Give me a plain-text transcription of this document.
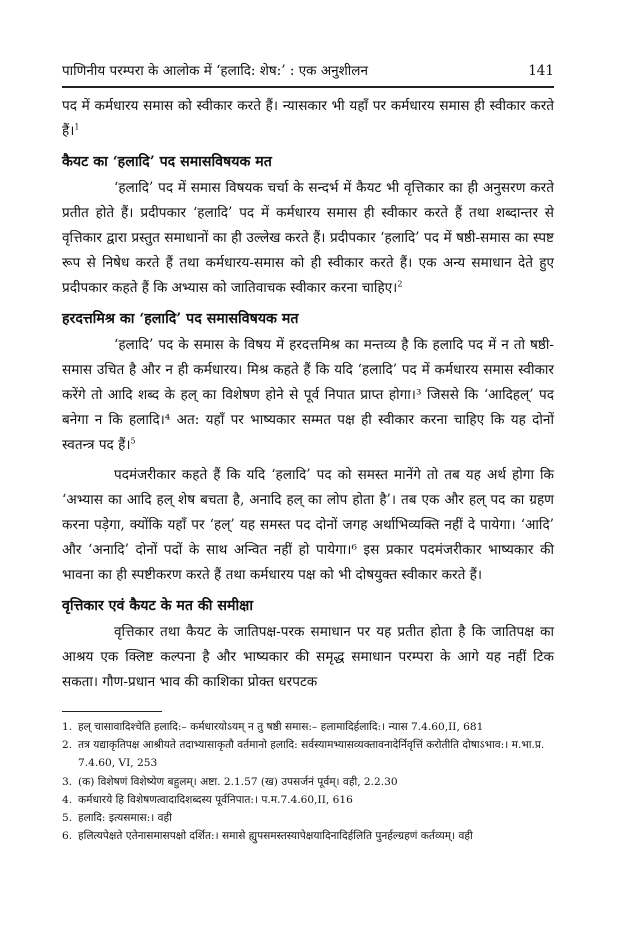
पाणिनीय परम्परा के आलोक में ‘हलादि: शेष:’ : एक अनुशीलन	141

पद में कर्मधारय समास को स्वीकार करते हैं। न्यासकार भी यहाँ पर कर्मधारय समास ही स्वीकार करते हैं।$^1$

कैयट का ‘हलादि’ पद समासविषयक मत

‘हलादि’ पद में समास विषयक चर्चा के सन्दर्भ में कैयट भी वृत्तिकार का ही अनुसरण करते प्रतीत होते हैं। प्रदीपकार ‘हलादि’ पद में कर्मधारय समास ही स्वीकार करते हैं तथा शब्दान्तर से वृत्तिकार द्वारा प्रस्तुत समाधानों का ही उल्लेख करते हैं। प्रदीपकार ‘हलादि’ पद में षष्ठी-समास का स्पष्ट रूप से निषेध करते हैं तथा कर्मधारय-समास को ही स्वीकार करते हैं। एक अन्य समाधान देते हुए प्रदीपकार कहते हैं कि अभ्यास को जातिवाचक स्वीकार करना चाहिए।$^2$

हरदत्तमिश्र का ‘हलादि’ पद समासविषयक मत

‘हलादि’ पद के समास के विषय में हरदत्तमिश्र का मन्तव्य है कि हलादि पद में न तो षष्ठी-समास उचित है और न ही कर्मधारय। मिश्र कहते हैं कि यदि ‘हलादि’ पद में कर्मधारय समास स्वीकार करेंगे तो आदि शब्द के हल् का विशेषण होने से पूर्व निपात प्राप्त होगा।³ जिससे कि ‘आदिहल्’ पद बनेगा न कि हलादि।⁴ अत: यहाँ पर भाष्यकार सम्मत पक्ष ही स्वीकार करना चाहिए कि यह दोनों स्वतन्त्र पद हैं।$^5$

पदमंजरीकार कहते हैं कि यदि ‘हलादि’ पद को समस्त मानेंगे तो तब यह अर्थ होगा कि ‘अभ्यास का आदि हल् शेष बचता है, अनादि हल् का लोप होता है’। तब एक और हल् पद का ग्रहण करना पड़ेगा, क्योंकि यहाँ पर ‘हल्’ यह समस्त पद दोनों जगह अर्थाभिव्यक्ति नहीं दे पायेगा। ‘आदि’ और ‘अनादि’ दोनों पदों के साथ अन्वित नहीं हो पायेगा।⁶ इस प्रकार पदमंजरीकार भाष्यकार की भावना का ही स्पष्टीकरण करते हैं तथा कर्मधारय पक्ष को भी दोषयुक्त स्वीकार करते हैं।

वृत्तिकार एवं कैयट के मत की समीक्षा

वृत्तिकार तथा कैयट के जातिपक्ष-परक समाधान पर यह प्रतीत होता है कि जातिपक्ष का आश्रय एक क्लिष्ट कल्पना है और भाष्यकार की समृद्ध समाधान परम्परा के आगे यह नहीं टिक सकता। गौण-प्रधान भाव की काशिका प्रोक्त धरपटक

1. हल् चासावादिश्चेति हलादि:– कर्मधारयोऽयम् न तु षष्ठी समास:– हलामादिर्हलादि:। न्यास 7.4.60,II, 681
2. तत्र यद्याकृतिपक्ष आश्रीयते तदाभ्यासाकृतौ वर्तमानो हलादि: सर्वस्यामभ्यासव्यक्तावनादेर्निवृत्तिं करोतीति दोषाऽभाव:। म.भा.प्र. 7.4.60, VI, 253
3. (क) विशेषणं विशेष्येण बहुलम्। अष्टा. 2.1.57 (ख) उपसर्जनं पूर्वम्। वही, 2.2.30
4. कर्मधारये हि विशेषणत्वादादिशब्दस्य पूर्वनिपात:। प.म.7.4.60,II, 616
5. हलादि: इत्यसमास:। वही
6. हलित्यपेक्षते एतेनासमासपक्षो दर्शित:। समासे ह्युपसमस्तस्यापेक्षयादिनादिर्हलिति पुनर्हल्ग्रहणं कर्तव्यम्। वही
